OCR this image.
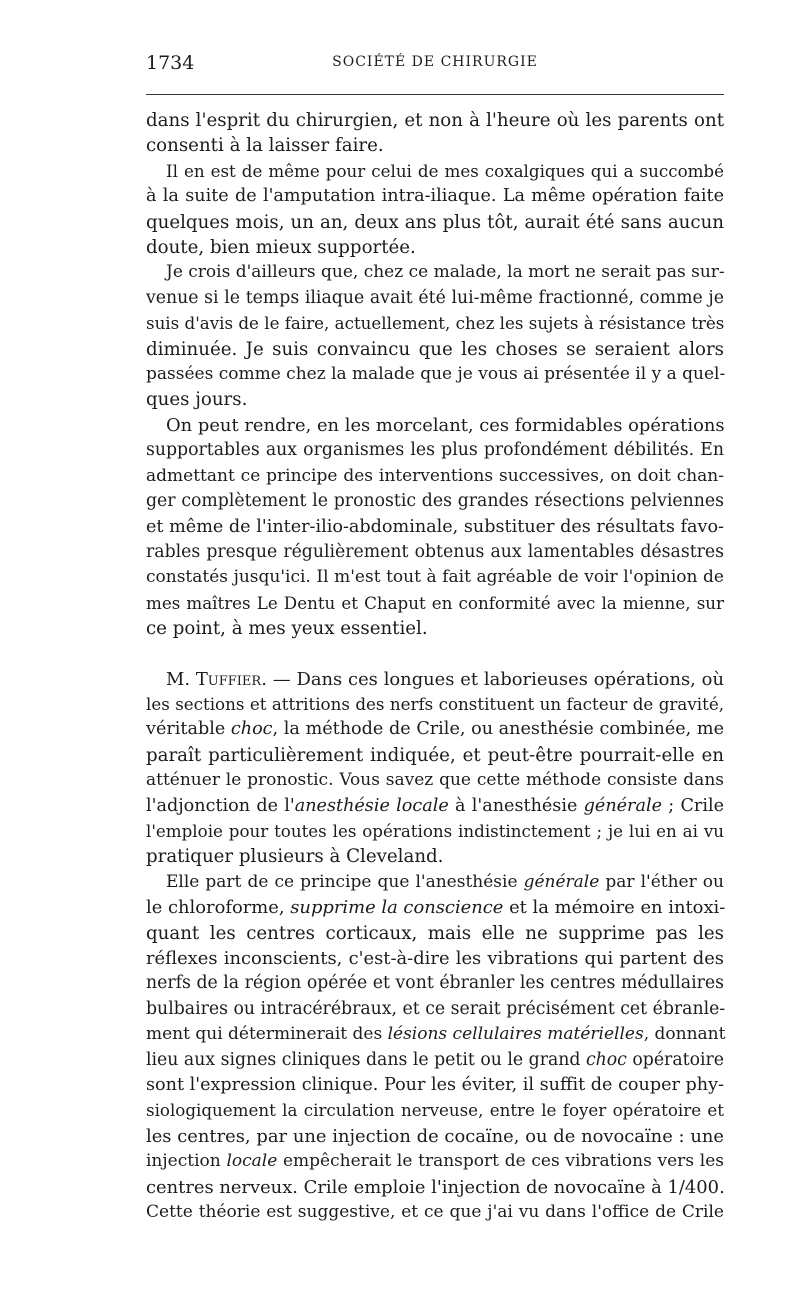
1734	SOCIÉTÉ DE CHIRURGIE
dans l'esprit du chirurgien, et non à l'heure où les parents ont
consenti à la laisser faire.
Il en est de même pour celui de mes coxalgiques qui a succombé
à la suite de l'amputation intra-iliaque. La même opération faite
quelques mois, un an, deux ans plus tôt, aurait été sans aucun
doute, bien mieux supportée.
Je crois d'ailleurs que, chez ce malade, la mort ne serait pas sur-
venue si le temps iliaque avait été lui-même fractionné, comme je
suis d'avis de le faire, actuellement, chez les sujets à résistance très
diminuée. Je suis convaincu que les choses se seraient alors
passées comme chez la malade que je vous ai présentée il y a quel-
ques jours.
On peut rendre, en les morcelant, ces formidables opérations
supportables aux organismes les plus profondément débilités. En
admettant ce principe des interventions successives, on doit chan-
ger complètement le pronostic des grandes résections pelviennes
et même de l'inter-ilio-abdominale, substituer des résultats favo-
rables presque régulièrement obtenus aux lamentables désastres
constatés jusqu'ici. Il m'est tout à fait agréable de voir l'opinion de
mes maîtres Le Dentu et Chaput en conformité avec la mienne, sur
ce point, à mes yeux essentiel.
M. Tuffier. — Dans ces longues et laborieuses opérations, où
les sections et attritions des nerfs constituent un facteur de gravité,
véritable choc, la méthode de Crile, ou anesthésie combinée, me
paraît particulièrement indiquée, et peut-être pourrait-elle en
atténuer le pronostic. Vous savez que cette méthode consiste dans
l'adjonction de l'anesthésie locale à l'anesthésie générale ; Crile
l'emploie pour toutes les opérations indistinctement ; je lui en ai vu
pratiquer plusieurs à Cleveland.
Elle part de ce principe que l'anesthésie générale par l'éther ou
le chloroforme, supprime la conscience et la mémoire en intoxi-
quant les centres corticaux, mais elle ne supprime pas les
réflexes inconscients, c'est-à-dire les vibrations qui partent des
nerfs de la région opérée et vont ébranler les centres médullaires
bulbaires ou intracérébraux, et ce serait précisément cet ébranle-
ment qui déterminerait des lésions cellulaires matérielles, donnant
lieu aux signes cliniques dans le petit ou le grand choc opératoire
sont l'expression clinique. Pour les éviter, il suffit de couper phy-
siologiquement la circulation nerveuse, entre le foyer opératoire et
les centres, par une injection de cocaïne, ou de novocaïne : une
injection locale empêcherait le transport de ces vibrations vers les
centres nerveux. Crile emploie l'injection de novocaïne à 1/400.
Cette théorie est suggestive, et ce que j'ai vu dans l'office de Crile
